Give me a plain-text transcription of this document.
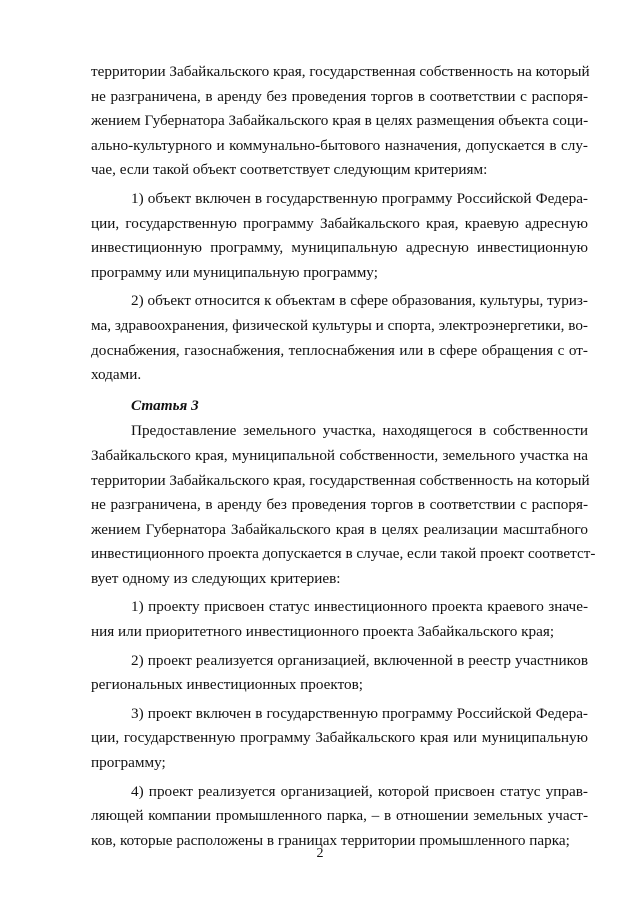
территории Забайкальского края, государственная собственность на который
не разграничена, в аренду без проведения торгов в соответствии с распоря-
жением Губернатора Забайкальского края в целях размещения объекта соци-
ально-культурного и коммунально-бытового назначения, допускается в слу-
чае, если такой объект соответствует следующим критериям:
1) объект включен в государственную программу Российской Федера-
ции, государственную программу Забайкальского края, краевую адресную
инвестиционную программу, муниципальную адресную инвестиционную
программу или муниципальную программу;
2) объект относится к объектам в сфере образования, культуры, туриз-
ма, здравоохранения, физической культуры и спорта, электроэнергетики, во-
доснабжения, газоснабжения, теплоснабжения или в сфере обращения с от-
ходами.
Статья 3
Предоставление земельного участка, находящегося в собственности
Забайкальского края, муниципальной собственности, земельного участка на
территории Забайкальского края, государственная собственность на который
не разграничена, в аренду без проведения торгов в соответствии с распоря-
жением Губернатора Забайкальского края в целях реализации масштабного
инвестиционного проекта допускается в случае, если такой проект соответст-
вует одному из следующих критериев:
1) проекту присвоен статус инвестиционного проекта краевого значе-
ния или приоритетного инвестиционного проекта Забайкальского края;
2) проект реализуется организацией, включенной в реестр участников
региональных инвестиционных проектов;
3) проект включен в государственную программу Российской Федера-
ции, государственную программу Забайкальского края или муниципальную
программу;
4) проект реализуется организацией, которой присвоен статус управ-
ляющей компании промышленного парка, – в отношении земельных участ-
ков, которые расположены в границах территории промышленного парка;
2
